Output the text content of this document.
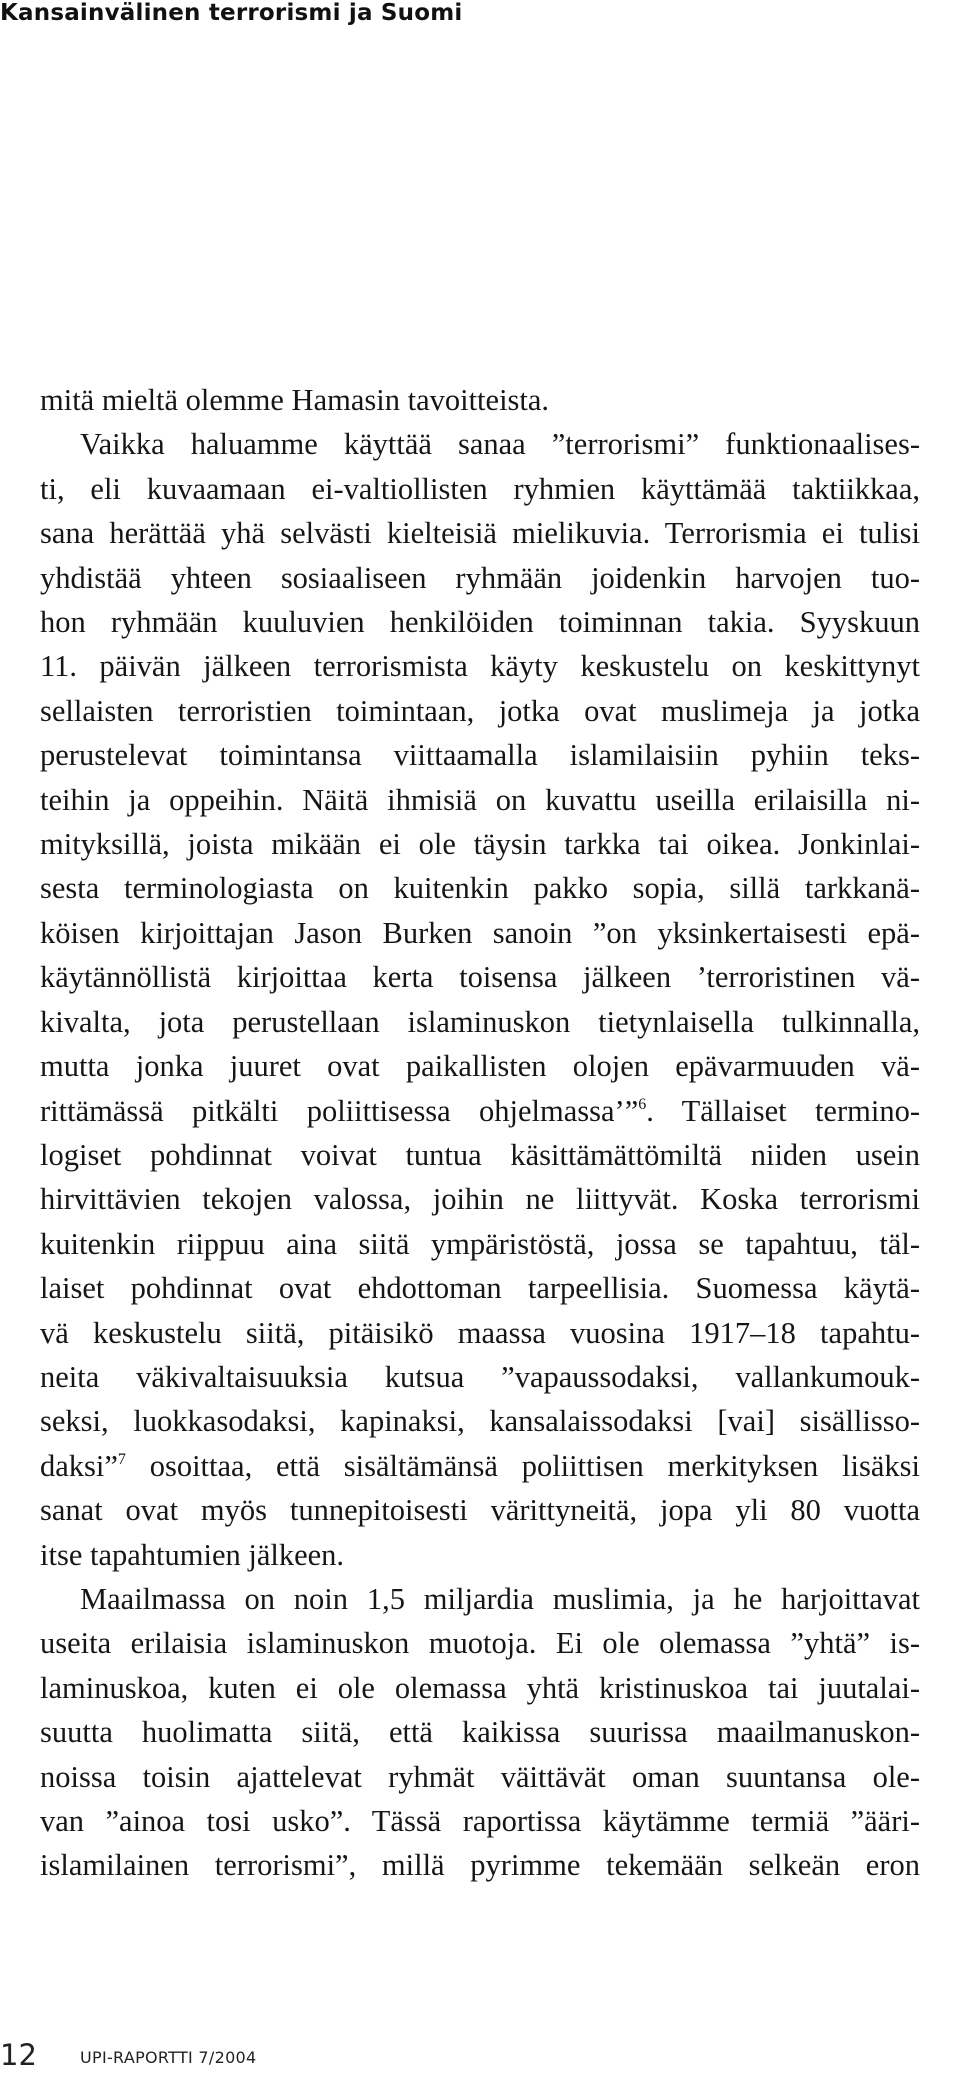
Kansainvälinen terrorismi ja Suomi
mitä mieltä olemme Hamasin tavoitteista.
Vaikka haluamme käyttää sanaa ”terrorismi” funktionaalises-
ti, eli kuvaamaan ei-valtiollisten ryhmien käyttämää taktiikkaa,
sana herättää yhä selvästi kielteisiä mielikuvia. Terrorismia ei tulisi
yhdistää yhteen sosiaaliseen ryhmään joidenkin harvojen tuo-
hon ryhmään kuuluvien henkilöiden toiminnan takia. Syyskuun
11. päivän jälkeen terrorismista käyty keskustelu on keskittynyt
sellaisten terroristien toimintaan, jotka ovat muslimeja ja jotka
perustelevat toimintansa viittaamalla islamilaisiin pyhiin teks-
teihin ja oppeihin. Näitä ihmisiä on kuvattu useilla erilaisilla ni-
mityksillä, joista mikään ei ole täysin tarkka tai oikea. Jonkinlai-
sesta terminologiasta on kuitenkin pakko sopia, sillä tarkkanä-
köisen kirjoittajan Jason Burken sanoin ”on yksinkertaisesti epä-
käytännöllistä kirjoittaa kerta toisensa jälkeen ’terroristinen vä-
kivalta, jota perustellaan islaminuskon tietynlaisella tulkinnalla,
mutta jonka juuret ovat paikallisten olojen epävarmuuden vä-
rittämässä pitkälti poliittisessa ohjelmassa’”$^6$. Tällaiset termino-
logiset pohdinnat voivat tuntua käsittämättömiltä niiden usein
hirvittävien tekojen valossa, joihin ne liittyvät. Koska terrorismi
kuitenkin riippuu aina siitä ympäristöstä, jossa se tapahtuu, täl-
laiset pohdinnat ovat ehdottoman tarpeellisia. Suomessa käytä-
vä keskustelu siitä, pitäisikö maassa vuosina 1917–18 tapahtu-
neita väkivaltaisuuksia kutsua ”vapaussodaksi, vallankumouk-
seksi, luokkasodaksi, kapinaksi, kansalaissodaksi [vai] sisällisso-
daksi”$^7$ osoittaa, että sisältämänsä poliittisen merkityksen lisäksi
sanat ovat myös tunnepitoisesti värittyneitä, jopa yli 80 vuotta
itse tapahtumien jälkeen.
Maailmassa on noin 1,5 miljardia muslimia, ja he harjoittavat
useita erilaisia islaminuskon muotoja. Ei ole olemassa ”yhtä” is-
laminuskoa, kuten ei ole olemassa yhtä kristinuskoa tai juutalai-
suutta huolimatta siitä, että kaikissa suurissa maailmanuskon-
noissa toisin ajattelevat ryhmät väittävät oman suuntansa ole-
van ”ainoa tosi usko”. Tässä raportissa käytämme termiä ”ääri-
islamilainen terrorismi”, millä pyrimme tekemään selkeän eron
12	UPI-RAPORTTI 7/2004
